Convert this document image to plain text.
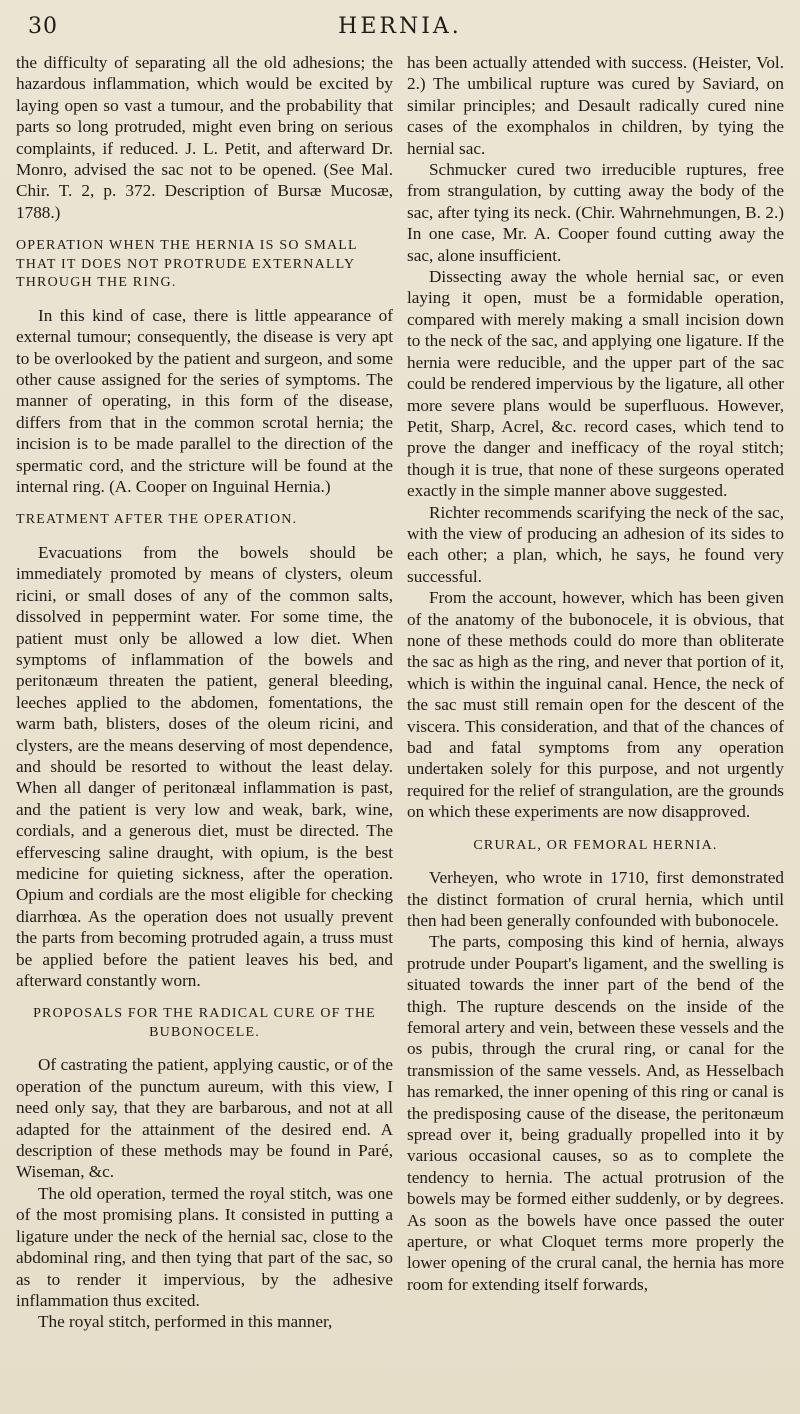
30	HERNIA.

the difficulty of separating all the old adhesions; the hazardous inflammation, which would be excited by laying open so vast a tumour, and the probability that parts so long protruded, might even bring on serious complaints, if reduced. J. L. Petit, and afterward Dr. Monro, advised the sac not to be opened. (See Mal. Chir. T. 2, p. 372. Description of Bursæ Mucosæ, 1788.)

OPERATION WHEN THE HERNIA IS SO SMALL THAT IT DOES NOT PROTRUDE EXTERNALLY THROUGH THE RING.

In this kind of case, there is little appearance of external tumour; consequently, the disease is very apt to be overlooked by the patient and surgeon, and some other cause assigned for the series of symptoms. The manner of operating, in this form of the disease, differs from that in the common scrotal hernia; the incision is to be made parallel to the direction of the spermatic cord, and the stricture will be found at the internal ring. (A. Cooper on Inguinal Hernia.)

TREATMENT AFTER THE OPERATION.

Evacuations from the bowels should be immediately promoted by means of clysters, oleum ricini, or small doses of any of the common salts, dissolved in peppermint water. For some time, the patient must only be allowed a low diet. When symptoms of inflammation of the bowels and peritonæum threaten the patient, general bleeding, leeches applied to the abdomen, fomentations, the warm bath, blisters, doses of the oleum ricini, and clysters, are the means deserving of most dependence, and should be resorted to without the least delay. When all danger of peritonæal inflammation is past, and the patient is very low and weak, bark, wine, cordials, and a generous diet, must be directed. The effervescing saline draught, with opium, is the best medicine for quieting sickness, after the operation. Opium and cordials are the most eligible for checking diarrhœa. As the operation does not usually prevent the parts from becoming protruded again, a truss must be applied before the patient leaves his bed, and afterward constantly worn.

PROPOSALS FOR THE RADICAL CURE OF THE BUBONOCELE.

Of castrating the patient, applying caustic, or of the operation of the punctum aureum, with this view, I need only say, that they are barbarous, and not at all adapted for the attainment of the desired end. A description of these methods may be found in Paré, Wiseman, &c.

The old operation, termed the royal stitch, was one of the most promising plans. It consisted in putting a ligature under the neck of the hernial sac, close to the abdominal ring, and then tying that part of the sac, so as to render it impervious, by the adhesive inflammation thus excited.

The royal stitch, performed in this manner,

has been actually attended with success. (Heister, Vol. 2.) The umbilical rupture was cured by Saviard, on similar principles; and Desault radically cured nine cases of the exomphalos in children, by tying the hernial sac.

Schmucker cured two irreducible ruptures, free from strangulation, by cutting away the body of the sac, after tying its neck. (Chir. Wahrnehmungen, B. 2.) In one case, Mr. A. Cooper found cutting away the sac, alone insufficient.

Dissecting away the whole hernial sac, or even laying it open, must be a formidable operation, compared with merely making a small incision down to the neck of the sac, and applying one ligature. If the hernia were reducible, and the upper part of the sac could be rendered impervious by the ligature, all other more severe plans would be superfluous. However, Petit, Sharp, Acrel, &c. record cases, which tend to prove the danger and inefficacy of the royal stitch; though it is true, that none of these surgeons operated exactly in the simple manner above suggested.

Richter recommends scarifying the neck of the sac, with the view of producing an adhesion of its sides to each other; a plan, which, he says, he found very successful.

From the account, however, which has been given of the anatomy of the bubonocele, it is obvious, that none of these methods could do more than obliterate the sac as high as the ring, and never that portion of it, which is within the inguinal canal. Hence, the neck of the sac must still remain open for the descent of the viscera. This consideration, and that of the chances of bad and fatal symptoms from any operation undertaken solely for this purpose, and not urgently required for the relief of strangulation, are the grounds on which these experiments are now disapproved.

CRURAL, OR FEMORAL HERNIA.

Verheyen, who wrote in 1710, first demonstrated the distinct formation of crural hernia, which until then had been generally confounded with bubonocele.

The parts, composing this kind of hernia, always protrude under Poupart's ligament, and the swelling is situated towards the inner part of the bend of the thigh. The rupture descends on the inside of the femoral artery and vein, between these vessels and the os pubis, through the crural ring, or canal for the transmission of the same vessels. And, as Hesselbach has remarked, the inner opening of this ring or canal is the predisposing cause of the disease, the peritonæum spread over it, being gradually propelled into it by various occasional causes, so as to complete the tendency to hernia. The actual protrusion of the bowels may be formed either suddenly, or by degrees. As soon as the bowels have once passed the outer aperture, or what Cloquet terms more properly the lower opening of the crural canal, the hernia has more room for extending itself forwards,
